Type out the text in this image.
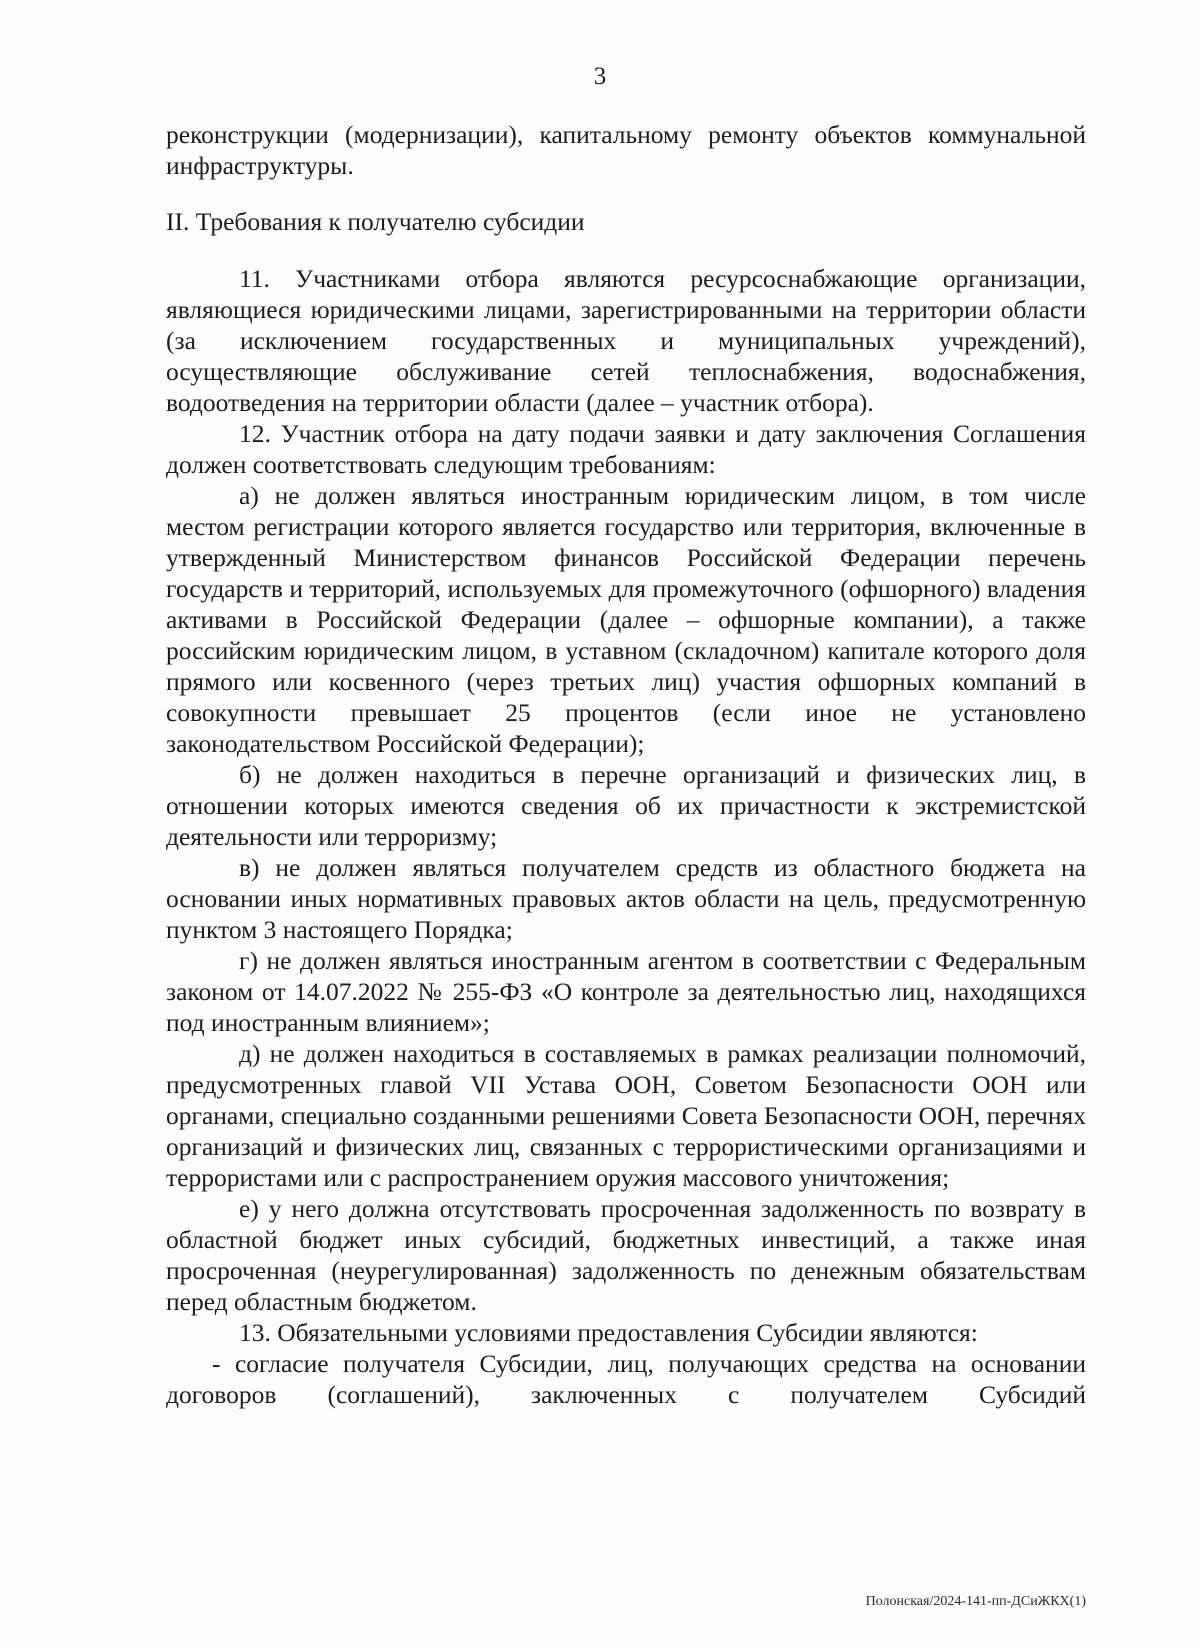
3

реконструкции (модернизации), капитальному ремонту объектов коммунальной инфраструктуры.

II. Требования к получателю субсидии

11. Участниками отбора являются ресурсоснабжающие организации, являющиеся юридическими лицами, зарегистрированными на территории области (за исключением государственных и муниципальных учреждений), осуществляющие обслуживание сетей теплоснабжения, водоснабжения, водоотведения на территории области (далее – участник отбора).

12. Участник отбора на дату подачи заявки и дату заключения Соглашения должен соответствовать следующим требованиям:

а) не должен являться иностранным юридическим лицом, в том числе местом регистрации которого является государство или территория, включенные в утвержденный Министерством финансов Российской Федерации перечень государств и территорий, используемых для промежуточного (офшорного) владения активами в Российской Федерации (далее – офшорные компании), а также российским юридическим лицом, в уставном (складочном) капитале которого доля прямого или косвенного (через третьих лиц) участия офшорных компаний в совокупности превышает 25 процентов (если иное не установлено законодательством Российской Федерации);

б) не должен находиться в перечне организаций и физических лиц, в отношении которых имеются сведения об их причастности к экстремистской деятельности или терроризму;

в) не должен являться получателем средств из областного бюджета на основании иных нормативных правовых актов области на цель, предусмотренную пунктом 3 настоящего Порядка;

г) не должен являться иностранным агентом в соответствии с Федеральным законом от 14.07.2022 № 255-ФЗ «О контроле за деятельностью лиц, находящихся под иностранным влиянием»;

д) не должен находиться в составляемых в рамках реализации полномочий, предусмотренных главой VII Устава ООН, Советом Безопасности ООН или органами, специально созданными решениями Совета Безопасности ООН, перечнях организаций и физических лиц, связанных с террористическими организациями и террористами или с распространением оружия массового уничтожения;

е) у него должна отсутствовать просроченная задолженность по возврату в областной бюджет иных субсидий, бюджетных инвестиций, а также иная просроченная (неурегулированная) задолженность по денежным обязательствам перед областным бюджетом.

13. Обязательными условиями предоставления Субсидии являются:

- согласие получателя Субсидии, лиц, получающих средства на основании договоров (соглашений), заключенных с получателем Субсидий

Полонская/2024-141-пп-ДСиЖКХ(1)
